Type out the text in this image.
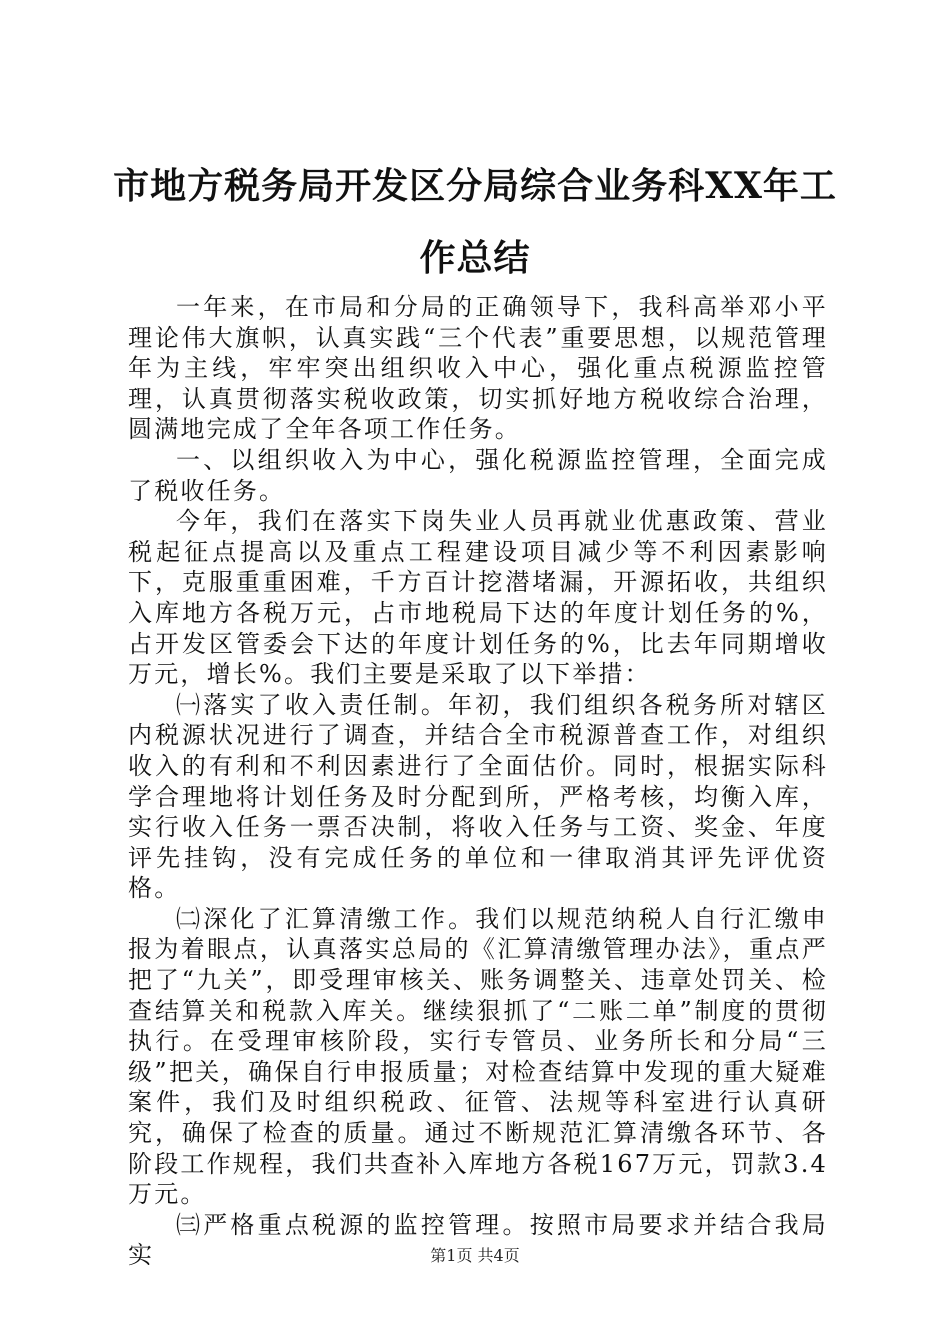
市地方税务局开发区分局综合业务科XX年工作总结

一年来，在市局和分局的正确领导下，我科高举邓小平理论伟大旗帜，认真实践“三个代表”重要思想，以规范管理年为主线，牢牢突出组织收入中心，强化重点税源监控管理，认真贯彻落实税收政策，切实抓好地方税收综合治理，圆满地完成了全年各项工作任务。

一、以组织收入为中心，强化税源监控管理，全面完成了税收任务。

今年，我们在落实下岗失业人员再就业优惠政策、营业税起征点提高以及重点工程建设项目减少等不利因素影响下，克服重重困难，千方百计挖潜堵漏，开源拓收，共组织入库地方各税万元，占市地税局下达的年度计划任务的%，占开发区管委会下达的年度计划任务的%，比去年同期增收万元，增长%。我们主要是采取了以下举措：

㈠落实了收入责任制。年初，我们组织各税务所对辖区内税源状况进行了调查，并结合全市税源普查工作，对组织收入的有利和不利因素进行了全面估价。同时，根据实际科学合理地将计划任务及时分配到所，严格考核，均衡入库，实行收入任务一票否决制，将收入任务与工资、奖金、年度评先挂钩，没有完成任务的单位和一律取消其评先评优资格。

㈡深化了汇算清缴工作。我们以规范纳税人自行汇缴申报为着眼点，认真落实总局的《汇算清缴管理办法》，重点严把了“九关”，即受理审核关、账务调整关、违章处罚关、检查结算关和税款入库关。继续狠抓了“二账二单”制度的贯彻执行。在受理审核阶段，实行专管员、业务所长和分局“三级”把关，确保自行申报质量；对检查结算中发现的重大疑难案件，我们及时组织税政、征管、法规等科室进行认真研究，确保了检查的质量。通过不断规范汇算清缴各环节、各阶段工作规程，我们共查补入库地方各税167万元，罚款3.4万元。

㈢严格重点税源的监控管理。按照市局要求并结合我局实	第1页 共4页
